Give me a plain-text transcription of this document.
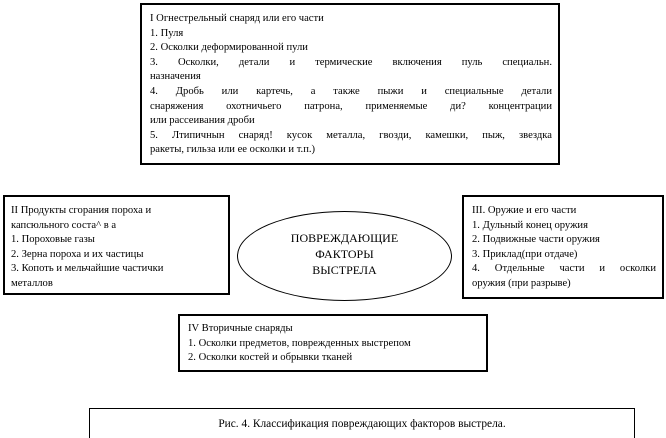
I Огнестрельный снаряд или его части
1. Пуля
2. Осколки деформированной пули
3. Осколки, детали и термические включения пуль специальн.
назначения
4. Дробь или картечь, а также пыжи и специальные детали
снаряжения охотничьего патрона, применяемые ди? концентрации
или рассеивания дроби
5. Лтипичнын снаряд! кусок металла, гвозди, камешки, пыж, звездка
ракеты, гильза или ее осколки и т.п.)
II Продукты сгорания пороха и
капсюльного соста^ в а
1. Пороховые газы
2. Зерна пороха и их частицы
3. Копоть и мельчайшие частички
металлов
ПОВРЕЖДАЮЩИЕ
ФАКТОРЫ
ВЫСТРЕЛА
III. Оружие и его части
1. Дульный конец оружия
2. Подвижные части оружия
3. Приклад(при отдаче)
4. Отдельные части и осколки
оружия (при разрыве)
IV Вторичные снаряды
1. Осколки предметов, поврежденных выстрепом
2. Осколки костей и обрывки тканей
Рис. 4. Классификация повреждающих факторов выстрела.
